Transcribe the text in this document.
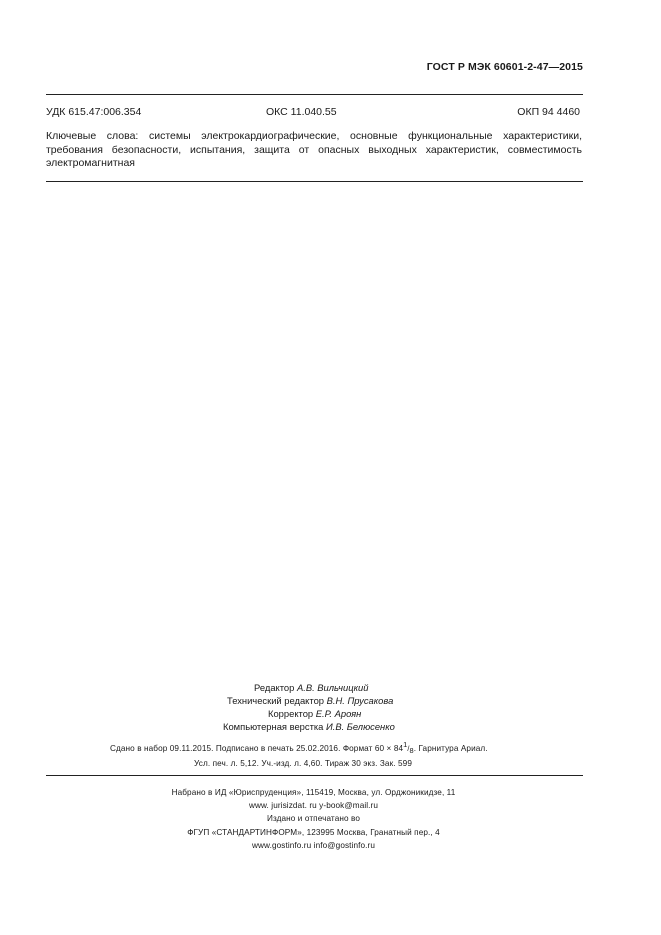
ГОСТ Р МЭК 60601-2-47—2015
УДК 615.47:006.354	ОКС 11.040.55	ОКП 94 4460
Ключевые слова: системы электрокардиографические, основные функциональные характеристики, требования безопасности, испытания, защита от опасных выходных характеристик, совместимость электромагнитная
Редактор А.В. Вильчицкий
Технический редактор В.Н. Прусакова
Корректор Е.Р. Ароян
Компьютерная верстка И.В. Белюсенко
Сдано в набор 09.11.2015. Подписано в печать 25.02.2016. Формат 60 × 841/8. Гарнитура Ариал.
Усл. печ. л. 5,12. Уч.-изд. л. 4,60. Тираж 30 экз. Зак. 599
Набрано в ИД «Юриспруденция», 115419, Москва, ул. Орджоникидзе, 11
www. jurisizdat. ru y-book@mail.ru
Издано и отпечатано во
ФГУП «СТАНДАРТИНФОРМ», 123995 Москва, Гранатный пер., 4
www.gostinfo.ru info@gostinfo.ru
